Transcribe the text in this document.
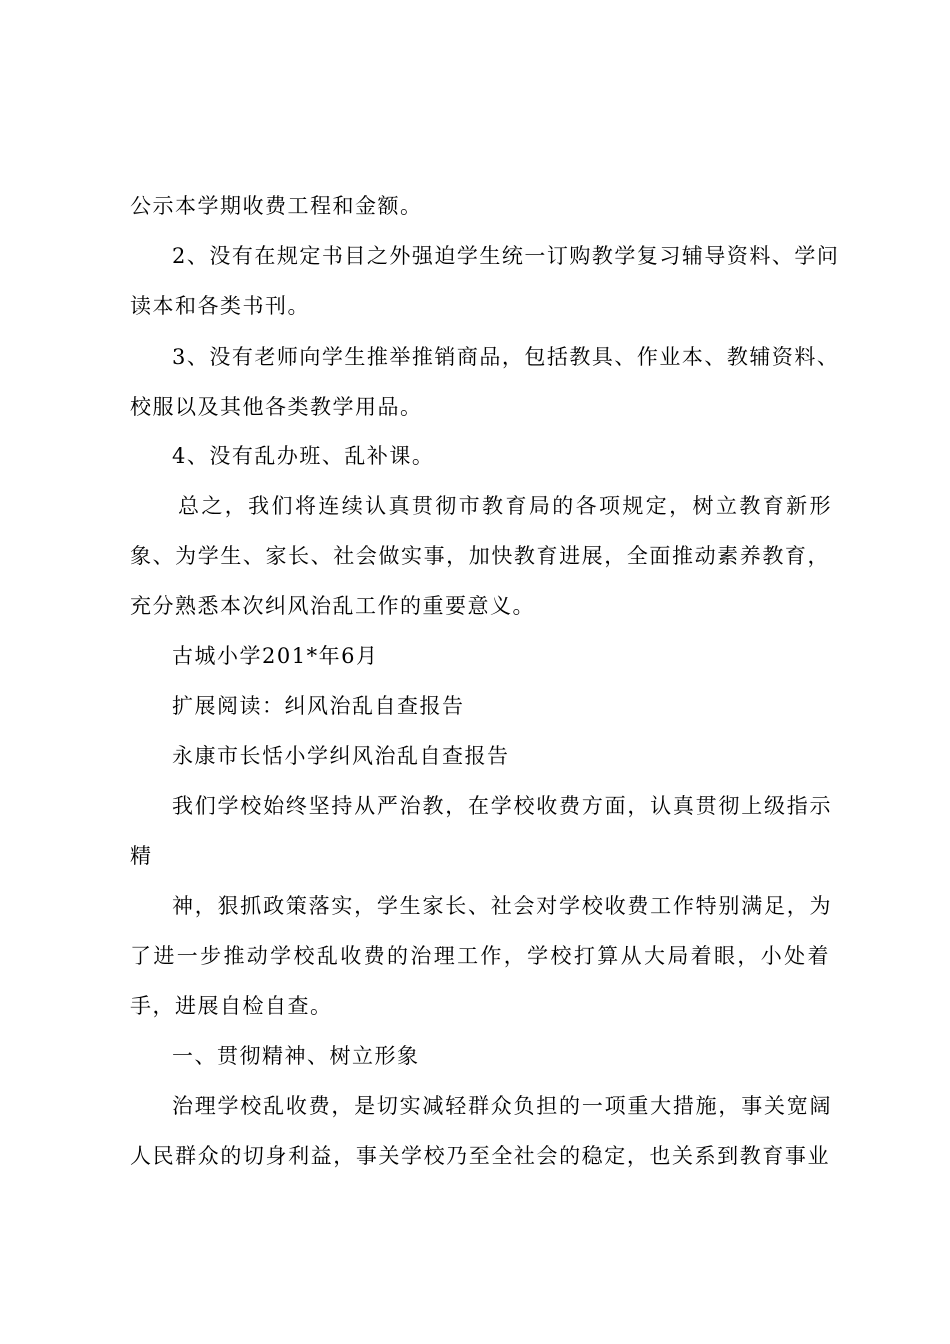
公示本学期收费工程和金额。
2、没有在规定书目之外强迫学生统一订购教学复习辅导资料、学问
读本和各类书刊。
3、没有老师向学生推举推销商品，包括教具、作业本、教辅资料、
校服以及其他各类教学用品。
4、没有乱办班、乱补课。
总之，我们将连续认真贯彻市教育局的各项规定，树立教育新形
象、为学生、家长、社会做实事，加快教育进展，全面推动素养教育，
充分熟悉本次纠风治乱工作的重要意义。
古城小学201*年6月
扩展阅读：纠风治乱自查报告
永康市长恬小学纠风治乱自查报告
我们学校始终坚持从严治教，在学校收费方面，认真贯彻上级指示
精
神，狠抓政策落实，学生家长、社会对学校收费工作特别满足，为
了进一步推动学校乱收费的治理工作，学校打算从大局着眼，小处着
手，进展自检自查。
一、贯彻精神、树立形象
治理学校乱收费，是切实减轻群众负担的一项重大措施，事关宽阔
人民群众的切身利益，事关学校乃至全社会的稳定，也关系到教育事业
